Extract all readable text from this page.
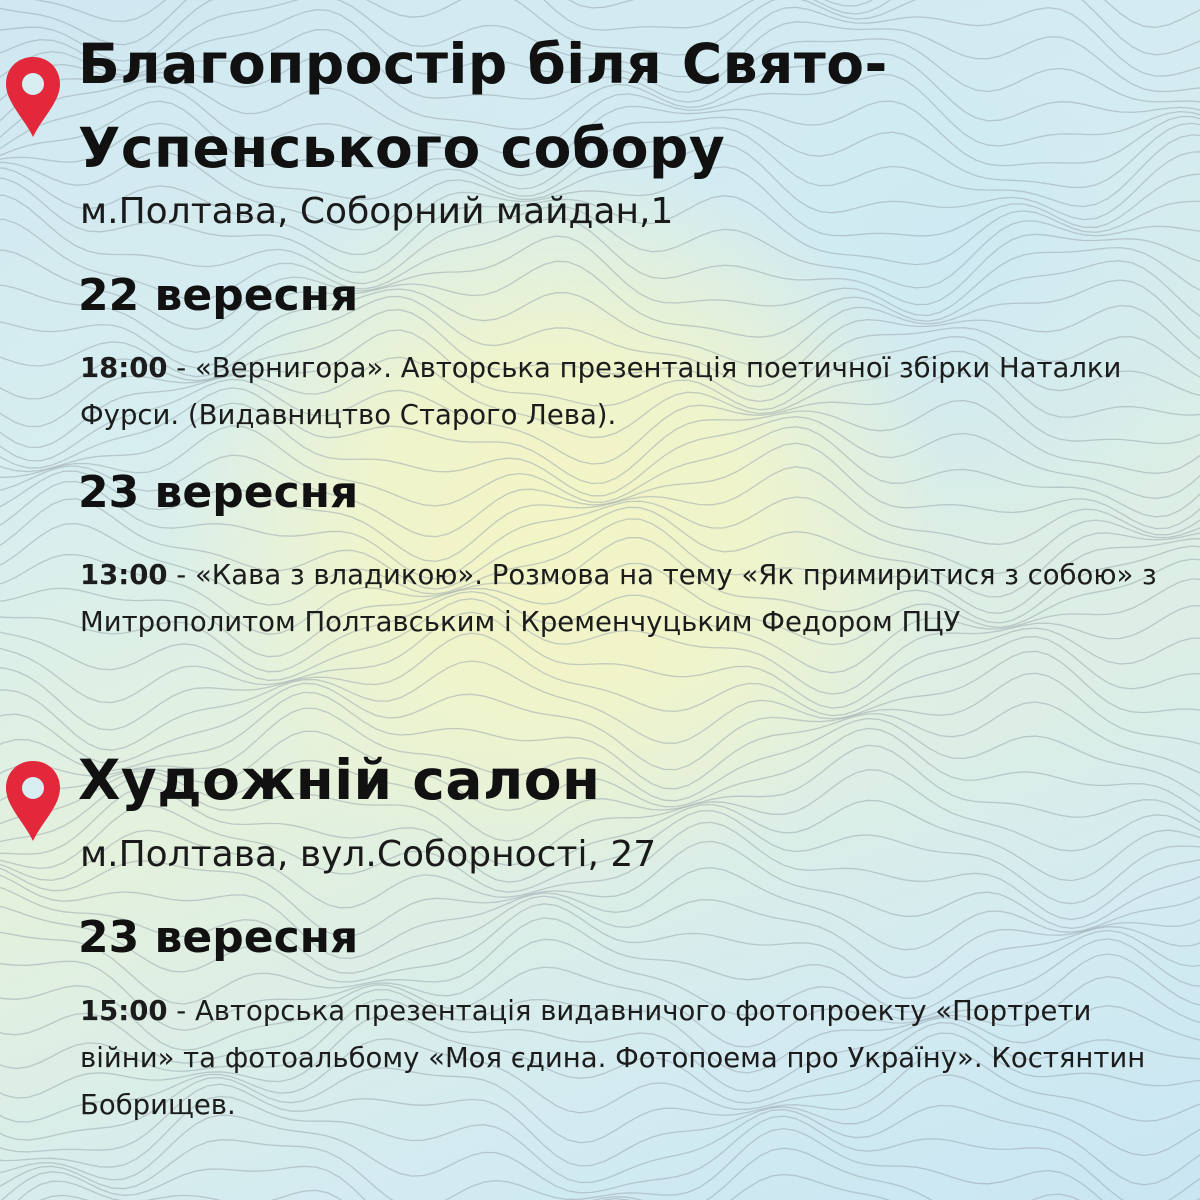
Благопростір біля Свято-
Успенського собору

м.Полтава, Соборний майдан,1

22 вересня

18:00 - «Вернигора». Авторська презентація поетичної збірки Наталки Фурси. (Видавництво Старого Лева).

23 вересня

13:00 - «Кава з владикою». Розмова на тему «Як примиритися з собою» з Митрополитом Полтавським і Кременчуцьким Федором ПЦУ

Художній салон

м.Полтава, вул.Соборності, 27

23 вересня

15:00 - Авторська презентація видавничого фотопроекту «Портрети війни» та фотоальбому «Моя єдина. Фотопоема про Україну». Костянтин Бобрищев.
